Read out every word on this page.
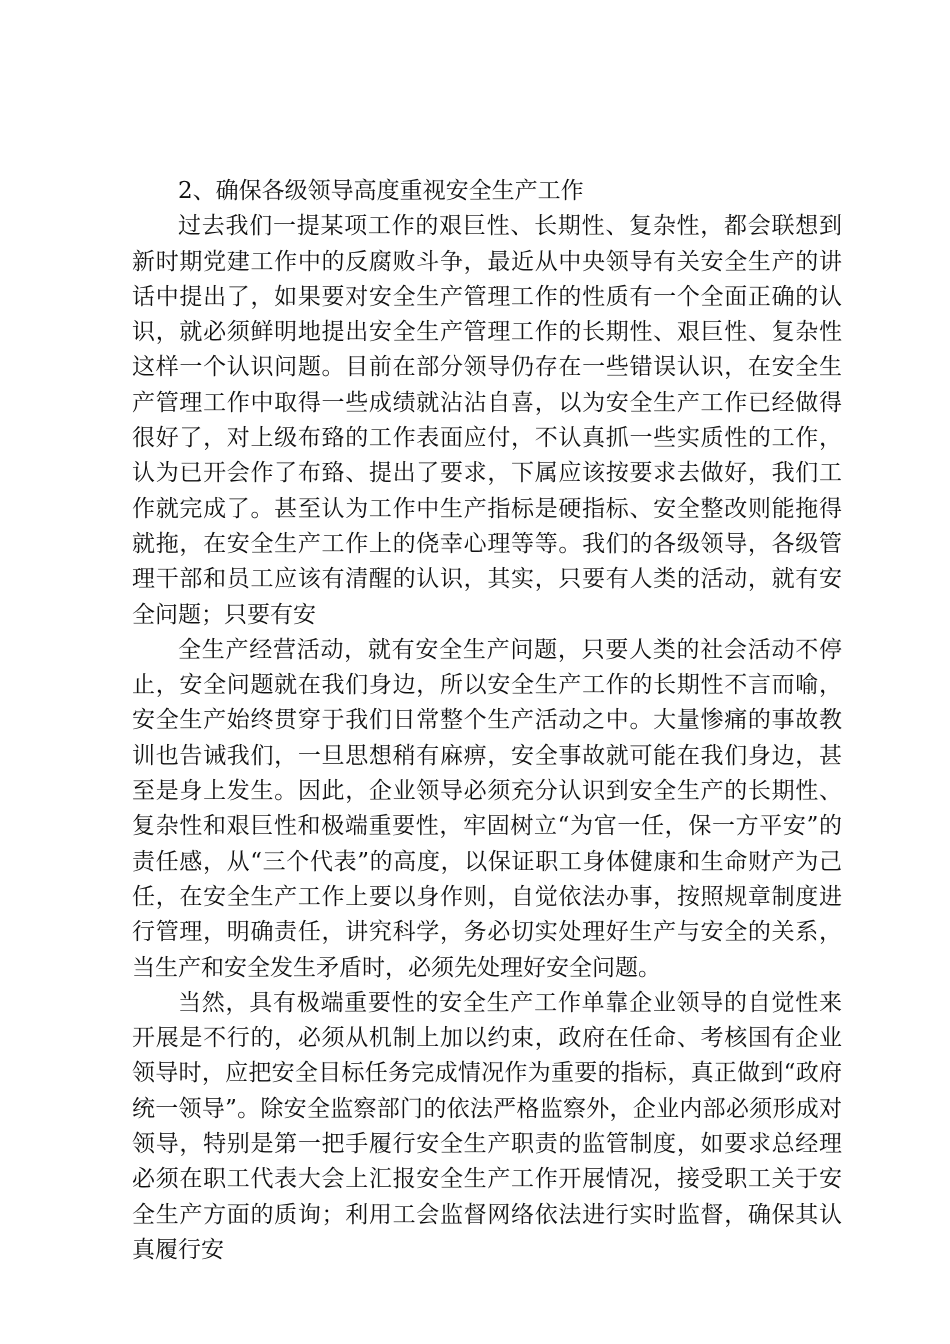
2、确保各级领导高度重视安全生产工作

过去我们一提某项工作的艰巨性、长期性、复杂性，都会联想到新时期党建工作中的反腐败斗争，最近从中央领导有关安全生产的讲话中提出了，如果要对安全生产管理工作的性质有一个全面正确的认识，就必须鲜明地提出安全生产管理工作的长期性、艰巨性、复杂性这样一个认识问题。目前在部分领导仍存在一些错误认识，在安全生产管理工作中取得一些成绩就沾沾自喜，以为安全生产工作已经做得很好了，对上级布臵的工作表面应付，不认真抓一些实质性的工作，认为已开会作了布臵、提出了要求，下属应该按要求去做好，我们工作就完成了。甚至认为工作中生产指标是硬指标、安全整改则能拖得就拖，在安全生产工作上的侥幸心理等等。我们的各级领导，各级管理干部和员工应该有清醒的认识，其实，只要有人类的活动，就有安全问题；只要有安

全生产经营活动，就有安全生产问题，只要人类的社会活动不停止，安全问题就在我们身边，所以安全生产工作的长期性不言而喻，安全生产始终贯穿于我们日常整个生产活动之中。大量惨痛的事故教训也告诫我们，一旦思想稍有麻痹，安全事故就可能在我们身边，甚至是身上发生。因此，企业领导必须充分认识到安全生产的长期性、复杂性和艰巨性和极端重要性，牢固树立“为官一任，保一方平安”的责任感，从“三个代表”的高度，以保证职工身体健康和生命财产为己任，在安全生产工作上要以身作则，自觉依法办事，按照规章制度进行管理，明确责任，讲究科学，务必切实处理好生产与安全的关系，当生产和安全发生矛盾时，必须先处理好安全问题。

当然，具有极端重要性的安全生产工作单靠企业领导的自觉性来开展是不行的，必须从机制上加以约束，政府在任命、考核国有企业领导时，应把安全目标任务完成情况作为重要的指标，真正做到“政府统一领导”。除安全监察部门的依法严格监察外，企业内部必须形成对领导，特别是第一把手履行安全生产职责的监管制度，如要求总经理必须在职工代表大会上汇报安全生产工作开展情况，接受职工关于安全生产方面的质询；利用工会监督网络依法进行实时监督，确保其认真履行安
